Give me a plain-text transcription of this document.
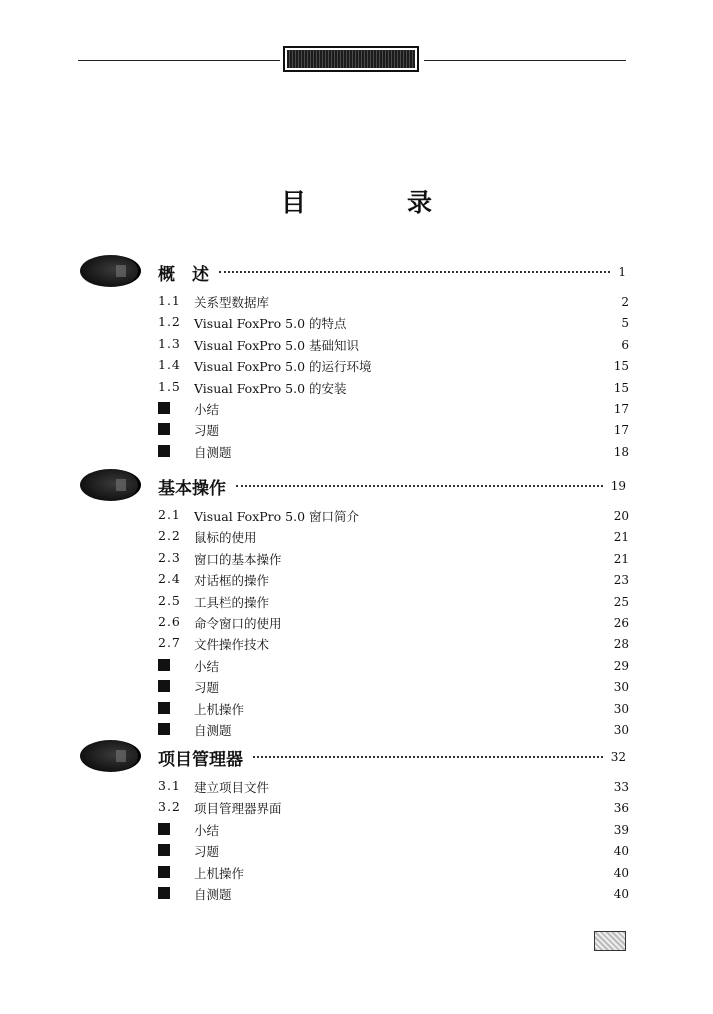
目　录
概　述	1
1.1	关系型数据库	2
1.2	Visual FoxPro 5.0 的特点	5
1.3	Visual FoxPro 5.0 基础知识	6
1.4	Visual FoxPro 5.0 的运行环境	15
1.5	Visual FoxPro 5.0 的安装	15
小结	17
习题	17
自测题	18
基本操作	19
2.1	Visual FoxPro 5.0 窗口简介	20
2.2	鼠标的使用	21
2.3	窗口的基本操作	21
2.4	对话框的操作	23
2.5	工具栏的操作	25
2.6	命令窗口的使用	26
2.7	文件操作技术	28
小结	29
习题	30
上机操作	30
自测题	30
项目管理器	32
3.1	建立项目文件	33
3.2	项目管理器界面	36
小结	39
习题	40
上机操作	40
自测题	40
